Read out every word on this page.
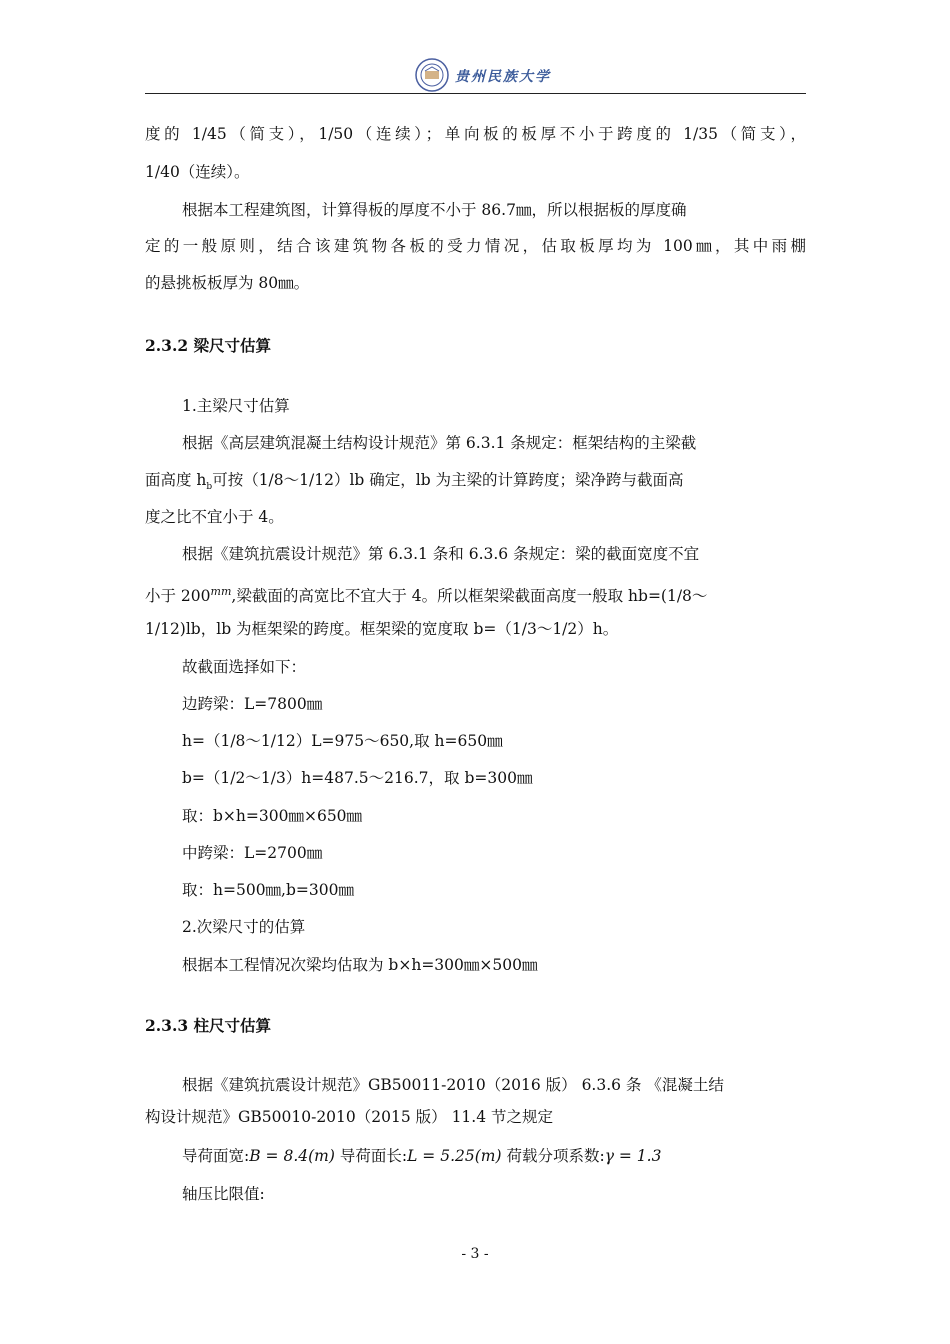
贵州民族大学
度的 1/45（简支），1/50（连续）；单向板的板厚不小于跨度的 1/35（简支），
1/40（连续）。
根据本工程建筑图，计算得板的厚度不小于 86.7㎜，所以根据板的厚度确
定的一般原则，结合该建筑物各板的受力情况，估取板厚均为 100㎜，其中雨棚
的悬挑板板厚为 80㎜。
2.3.2 梁尺寸估算
1.主梁尺寸估算
根据《高层建筑混凝土结构设计规范》第 6.3.1 条规定：框架结构的主梁截
面高度 $h_b$可按（1/8～1/12）lb 确定，lb 为主梁的计算跨度；梁净跨与截面高
度之比不宜小于 4。
根据《建筑抗震设计规范》第 6.3.1 条和 6.3.6 条规定：梁的截面宽度不宜
小于 $200^{mm}$,梁截面的高宽比不宜大于 4。所以框架梁截面高度一般取 hb=(1/8～
1/12)lb，lb 为框架梁的跨度。框架梁的宽度取 b=（1/3～1/2）h。
故截面选择如下：
边跨梁：L=7800㎜
h=（1/8～1/12）L=975～650,取 h=650㎜
b=（1/2～1/3）h=487.5～216.7，取 b=300㎜
取：b×h=300㎜×650㎜
中跨梁：L=2700㎜
取：h=500㎜,b=300㎜
2.次梁尺寸的估算
根据本工程情况次梁均估取为 b×h=300㎜×500㎜
2.3.3 柱尺寸估算
根据《建筑抗震设计规范》GB50011-2010（2016 版） 6.3.6 条 《混凝土结
构设计规范》GB50010-2010（2015 版） 11.4 节之规定
导荷面宽:B = 8.4(m) 导荷面长:L = 5.25(m) 荷载分项系数:γ = 1.3
轴压比限值:
- 3 -
